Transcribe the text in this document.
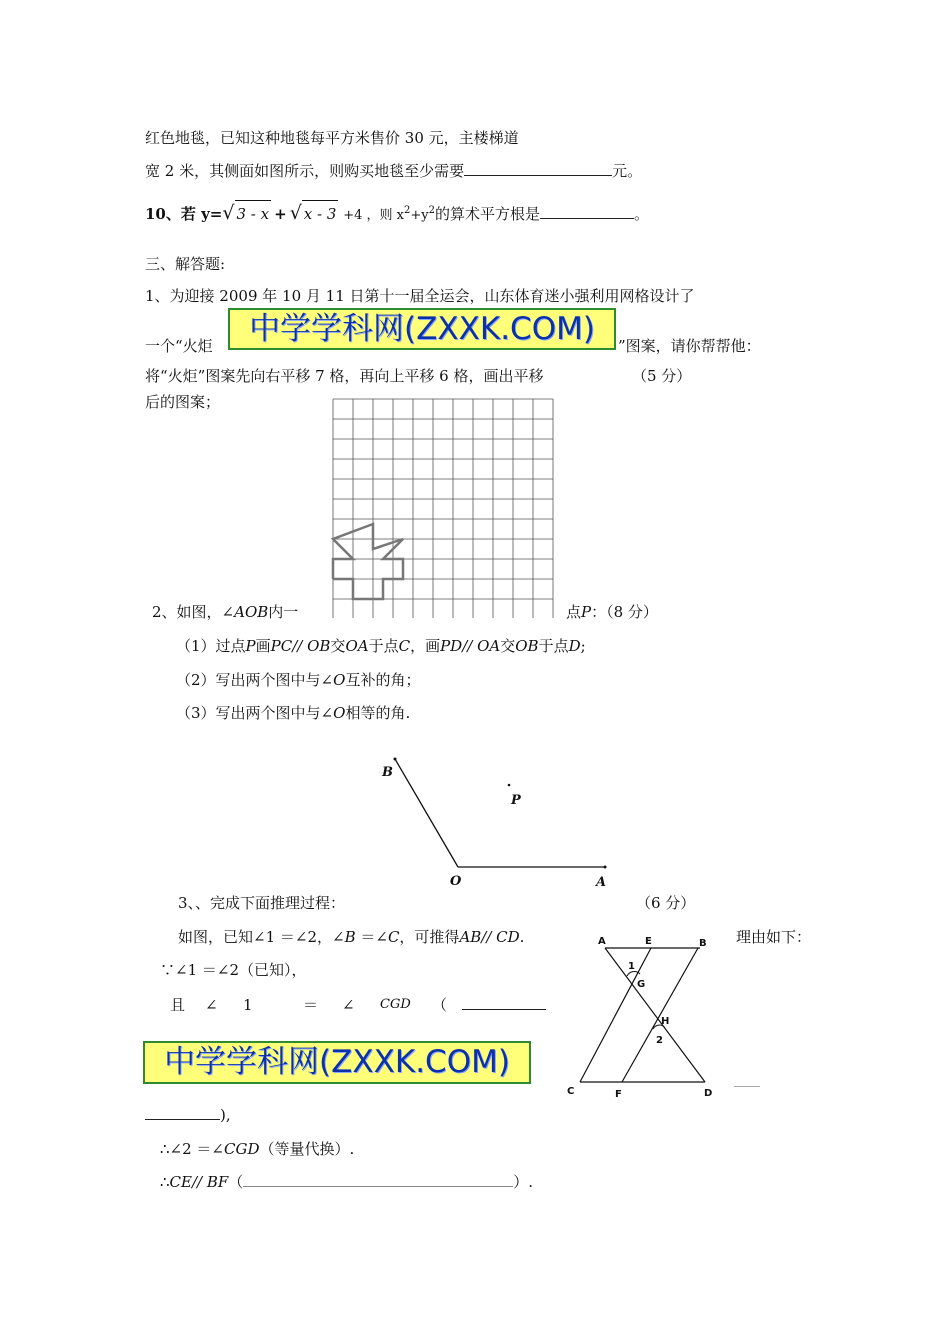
红色地毯，已知这种地毯每平方米售价 30 元，主楼梯道
宽 2 米，其侧面如图所示，则购买地毯至少需要	元。
10、若 y=√ 3 - x + √ x - 3 +4 ，则 $x^2+y^2$的算术平方根是	。
三、解答题:
1、为迎接 2009 年 10 月 11 日第十一届全运会，山东体育迷小强利用网格设计了
一个“火炬	中学学科网(ZXXK.COM)	”图案，请你帮帮他：
将“火炬”图案先向右平移 7 格，再向上平移 6 格，画出平移	（5 分）
后的图案；
2、如图，∠AOB内一	点P：（8 分）
（1）过点P画PC// OB交OA于点C，画PD// OA交OB于点D;
（2）写出两个图中与∠O互补的角；
（3）写出两个图中与∠O相等的角.
B
P
O	A
3、、完成下面推理过程：	（6 分）
如图，已知∠1 ＝∠2，∠B ＝∠C，可推得AB// CD.	理由如下：
∵∠1 ＝∠2（已知），
且 ∠ 1	＝ ∠ CGD （
中学学科网(ZXXK.COM)
),
∴∠2 ＝∠CGD（等量代换）.
∴CE// BF（	）.
A	E	B
G
1
H
2
C	F	D
